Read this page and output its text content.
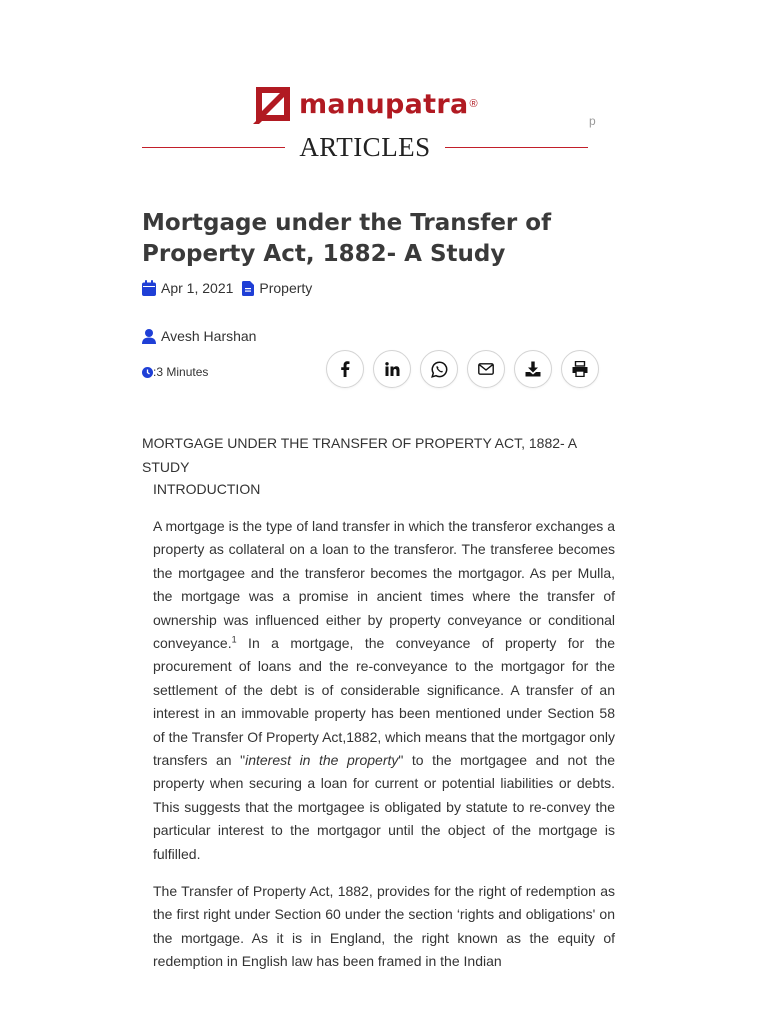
manupatra ®
p
ARTICLES
Mortgage under the Transfer of Property Act, 1882- A Study
Apr 1, 2021 Property
Avesh Harshan
: 3 Minutes
MORTGAGE UNDER THE TRANSFER OF PROPERTY ACT, 1882- A STUDY
INTRODUCTION

A mortgage is the type of land transfer in which the transferor exchanges a property as collateral on a loan to the transferor. The transferee becomes the mortgagee and the transferor becomes the mortgagor. As per Mulla, the mortgage was a promise in ancient times where the transfer of ownership was influenced either by property conveyance or conditional conveyance.$^1$ In a mortgage, the conveyance of property for the procurement of loans and the re-conveyance to the mortgagor for the settlement of the debt is of considerable significance. A transfer of an interest in an immovable property has been mentioned under Section 58 of the Transfer Of Property Act,1882, which means that the mortgagor only transfers an "interest in the property" to the mortgagee and not the property when securing a loan for current or potential liabilities or debts. This suggests that the mortgagee is obligated by statute to re-convey the particular interest to the mortgagor until the object of the mortgage is fulfilled.

The Transfer of Property Act, 1882, provides for the right of redemption as the first right under Section 60 under the section ‘rights and obligations' on the mortgage. As it is in England, the right known as the equity of redemption in English law has been framed in the Indian
